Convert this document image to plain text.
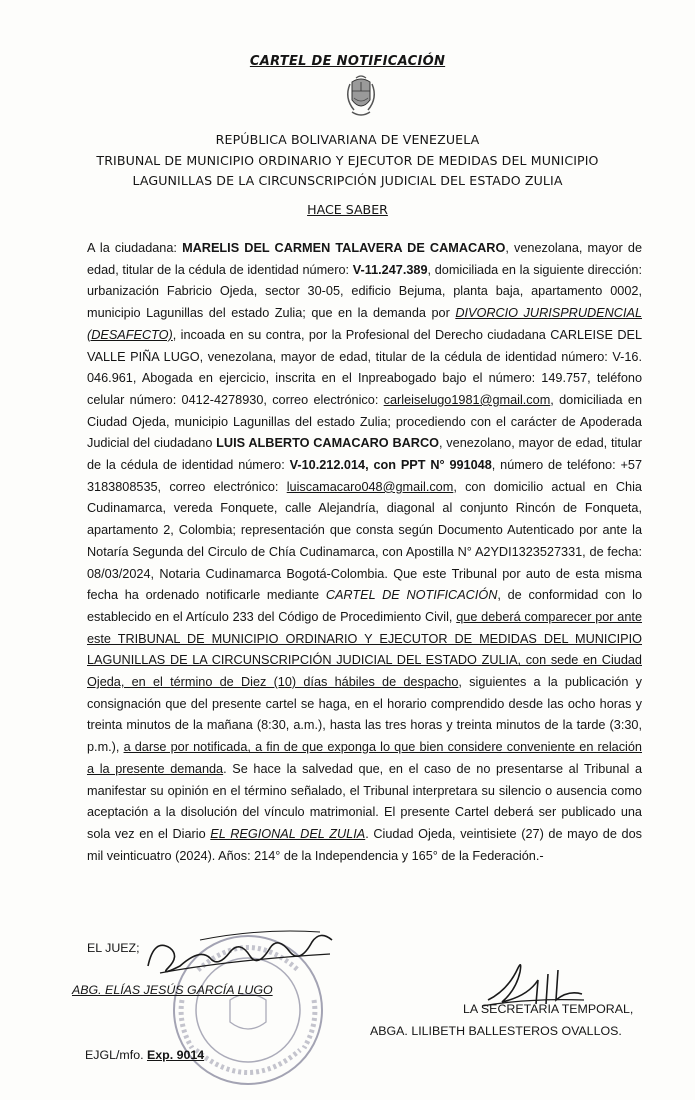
CARTEL DE NOTIFICACIÓN
REPÚBLICA BOLIVARIANA DE VENEZUELA
TRIBUNAL DE MUNICIPIO ORDINARIO Y EJECUTOR DE MEDIDAS DEL MUNICIPIO
LAGUNILLAS DE LA CIRCUNSCRIPCIÓN JUDICIAL DEL ESTADO ZULIA
HACE SABER
A la ciudadana: MARELIS DEL CARMEN TALAVERA DE CAMACARO, venezolana, mayor de edad, titular de la cédula de identidad número: V-11.247.389, domiciliada en la siguiente dirección: urbanización Fabricio Ojeda, sector 30-05, edificio Bejuma, planta baja, apartamento 0002, municipio Lagunillas del estado Zulia; que en la demanda por DIVORCIO JURISPRUDENCIAL (DESAFECTO), incoada en su contra, por la Profesional del Derecho ciudadana CARLEISE DEL VALLE PIÑA LUGO, venezolana, mayor de edad, titular de la cédula de identidad número: V-16. 046.961, Abogada en ejercicio, inscrita en el Inpreabogado bajo el número: 149.757, teléfono celular número: 0412-4278930, correo electrónico: carleiselugo1981@gmail.com, domiciliada en Ciudad Ojeda, municipio Lagunillas del estado Zulia; procediendo con el carácter de Apoderada Judicial del ciudadano LUIS ALBERTO CAMACARO BARCO, venezolano, mayor de edad, titular de la cédula de identidad número: V-10.212.014, con PPT N° 991048, número de teléfono: +57 3183808535, correo electrónico: luiscamacaro048@gmail.com, con domicilio actual en Chia Cudinamarca, vereda Fonquete, calle Alejandría, diagonal al conjunto Rincón de Fonqueta, apartamento 2, Colombia; representación que consta según Documento Autenticado por ante la Notaría Segunda del Circulo de Chía Cudinamarca, con Apostilla N° A2YDI1323527331, de fecha: 08/03/2024, Notaria Cudinamarca Bogotá-Colombia. Que este Tribunal por auto de esta misma fecha ha ordenado notificarle mediante CARTEL DE NOTIFICACIÓN, de conformidad con lo establecido en el Artículo 233 del Código de Procedimiento Civil, que deberá comparecer por ante este TRIBUNAL DE MUNICIPIO ORDINARIO Y EJECUTOR DE MEDIDAS DEL MUNICIPIO LAGUNILLAS DE LA CIRCUNSCRIPCIÓN JUDICIAL DEL ESTADO ZULIA, con sede en Ciudad Ojeda, en el término de Diez (10) días hábiles de despacho, siguientes a la publicación y consignación que del presente cartel se haga, en el horario comprendido desde las ocho horas y treinta minutos de la mañana (8:30, a.m.), hasta las tres horas y treinta minutos de la tarde (3:30, p.m.), a darse por notificada, a fin de que exponga lo que bien considere conveniente en relación a la presente demanda. Se hace la salvedad que, en el caso de no presentarse al Tribunal a manifestar su opinión en el término señalado, el Tribunal interpretara su silencio o ausencia como aceptación a la disolución del vínculo matrimonial. El presente Cartel deberá ser publicado una sola vez en el Diario EL REGIONAL DEL ZULIA. Ciudad Ojeda, veintisiete (27) de mayo de dos mil veinticuatro (2024). Años: 214° de la Independencia y 165° de la Federación.-
EL JUEZ;
ABG. ELÍAS JESÚS GARCÍA LUGO
LA SECRETARIA TEMPORAL,
ABGA. LILIBETH BALLESTEROS OVALLOS.
EJGL/mfo. Exp. 9014
